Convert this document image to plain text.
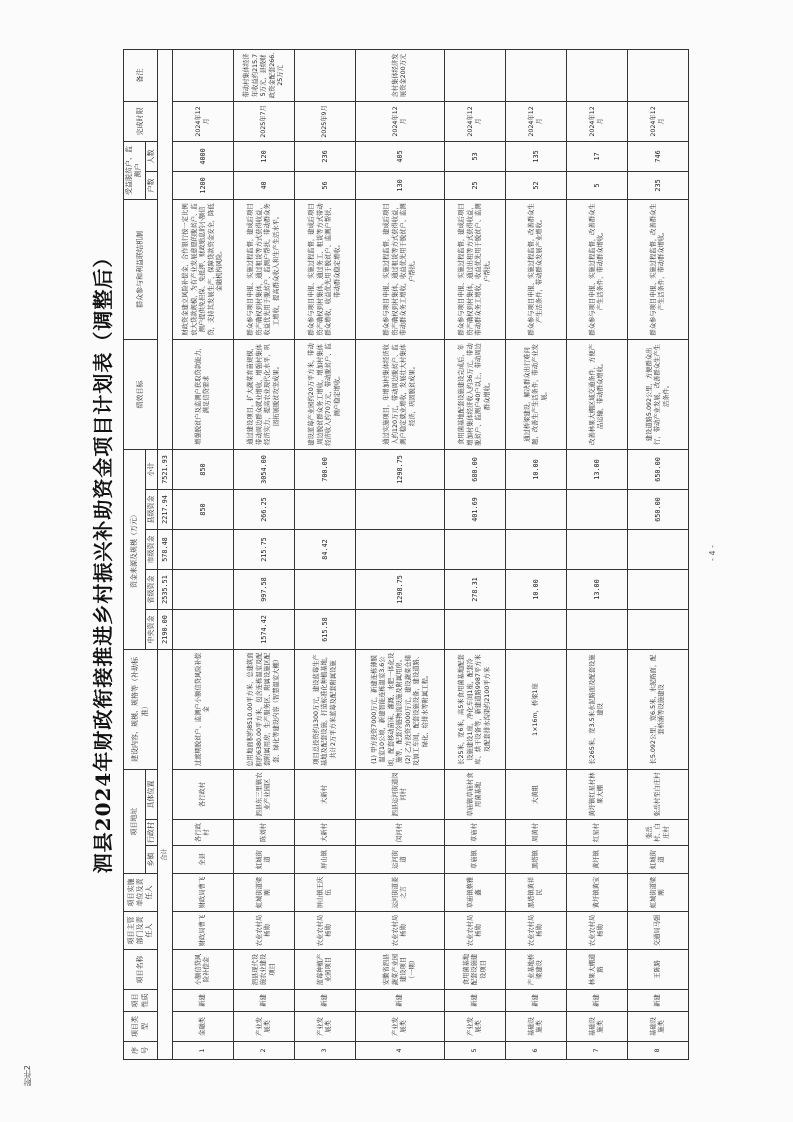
附件2
- 4 -
泗县2024年财政衔接推进乡村振兴补助资金项目计划表（调整后）
序号	项目类型	项目性质	项目名称	项目主管部门及责任人	项目实施单位及责任人	项目地址			建设内容、规模、规格等（补助标准）	资金来源及规模（万元）					绩效目标	群众参与和利益联结机制	受益脱贫户、监测户		完成时限	备注
						乡镇	行政村	具体位置		中央资金	省级资金	市级资金	县级资金	小计			户数	人数		
合计										2190.00	2535.51	578.48	2217.94	7521.93						
1	金融类	新建	小额信贷风险补偿金	财政局曹飞	财政局曹飞	全县	各行政村	各行政村	过渡期脱贫户、监测户小额信贷风险补偿金				850	850	增强脱贫户及监测户获取贷款能力，满足信贷需求	财政资金建立风险补偿金，合作银行按一定比例放大贷款规模，为有产业发展意愿的脱贫户、监测户提供免担保、免抵押、财政贴息的小额信贷，支持其发展生产，保障贷款资金安全，降低金融机构风险。	1200	4000	2024年12月	
2	产业发展类	新建	泗县现代设施农业建设项目	农业农村局杨勋	虹城街道梁刚	虹城街道	陈刘村	泗县东三里镇农业产业园区	总用地面积约8510.00平方米，总建筑面积约6380.00平方米，包含连栋温室及配套附属用房，生产服务区、附属设施区配套、绿化等建设内容（智慧温室大棚）	1574.42	997.58	215.75	266.25	3054.00	通过建设项目，扩大蔬菜育苗规模，带动周边群众就业增收，增强村集体经济实力，提高农业现代化水平，巩固拓展脱贫攻坚成果。	群众参与项目申报、实施过程监督，建成后项目资产确权到村集体，通过租赁等方式获得收益，收益优先用于脱贫户、监测户帮扶，带动群众务工增收，提高群众收入和生产生活水平。	40	120	2025年7月	带动村集体经济年收益约215.75万元，县级财政资金配套266.25万元
3	产业发展类	新建	蓝莓种植产业园项目	农业农村局杨勋	屏山镇王庆伍	屏山镇	大新村	大新村	项目总投资约1300万元，建设蓝莓生产基地及配套设施，打造标准化种植基地，共计2万平方米蓝莓及配套附属设施	615.58		84.42		700.00	建设蓝莓产业园约20万平方米，带动周边脱贫群众务工增收，增加村集体经济收入约70万元，带动脱贫户、监测户稳定增收。	群众参与项目申报、实施过程监督，建成后项目资产确权到村集体，通过务工、租赁等方式带动群众增收，收益优先用于脱贫户、监测户帮扶，带动群众稳定增收。	56	236	2025年9月	
4	产业发展类	新建	安徽省泗县蔬菜产业园建设项目（一期）	农业农村局杨勋	运河街道姜之言	运河街道	闵河村	泗县运河街道闵河村	(1) 甲方投资7000万元，新建连栋薄膜温室10公顷，新建智能连栋温室3.6公顷，配套移动苗床、灌溉、水肥一体化设施等，配套冷链物流设施及附属用房。(2) 乙方投资3000万元，建设蔬菜仓储及加工车间，配套设施设备，建设道路、绿化、给排水等附属工程。		1298.75			1298.75	通过实施项目，年增加村集体经济收入约120万元，带动周边脱贫户、监测户稳定就业增收，发展壮大村集体经济，巩固脱贫成果。	群众参与项目申报、实施过程监督，建成后项目资产确权到村集体，通过租赁等方式获得收益，带动群众务工增收，收益优先用于脱贫户、监测户帮扶。	130	405	2024年12月	含村集体经济发展资金200万元
5	产业发展类	新建	食用菌基地配套设施建设项目	农业农村局杨勋	草庙镇蔡雅鑫	草庙镇	草庙村	草庙镇草庙村食用菌基地	长25米，宽6米，高5米食用菌基地配套设施建设1座，净化车间1座，配套冷库、烘干设备等，新建道路9987平方米及配套排水沟渠约2100平方米		278.31		401.69	680.00	食用菌基地配套设施建设完成后，年增加村集体经济收入约36万元，带动脱贫户、监测户40户以上，带动周边群众增收。	群众参与项目申报、实施过程监督，建成后项目资产确权到村集体，通过出租等方式获得收益，带动群众务工增收，收益优先用于脱贫户、监测户帮扶。	25	53	2024年12月	
6	基础设施类	新建	产业基地桥梁建设	农业农村局杨勋	黑塔镇黄祥民	黑塔镇	周黄村	大黄组	1×16m，桥梁1座		10.00			10.00	通过桥梁建设，解决群众出行难问题，改善生产生活条件，带动产业发展。	群众参与项目申报、实施过程监督，改善群众生产生活条件，带动群众发展产业增收。	52	135	2024年12月	
7	基础设施类	新建	林果大棚道路	农业农村局杨勋	黄圩镇黄宝	黄圩镇	红星村	黄圩镇红星村林果大棚	长265米，宽3.5米水泥路面及配套设施建设		13.00			13.00	改善林果大棚区域交通条件，方便产品运输，带动群众增收。	群众参与项目申报、实施过程监督，改善群众生产生活条件，带动群众增收。	5	17	2024年12月	
8	基础设施类	新建	王陈路	交通局马强	虹城街道梁刚	虹城街道	张岳村、白庄村	张岳村至白庄村	长5.092公里，宽6.5米，水泥路面，配套桥涵等设施建设				650.00	650.00	建设道路5.092公里，方便群众出行，带动产业发展，改善群众生产生活条件。	群众参与项目申报、实施过程监督，改善群众生产生活条件，带动群众增收。	235	746	2024年12月	
